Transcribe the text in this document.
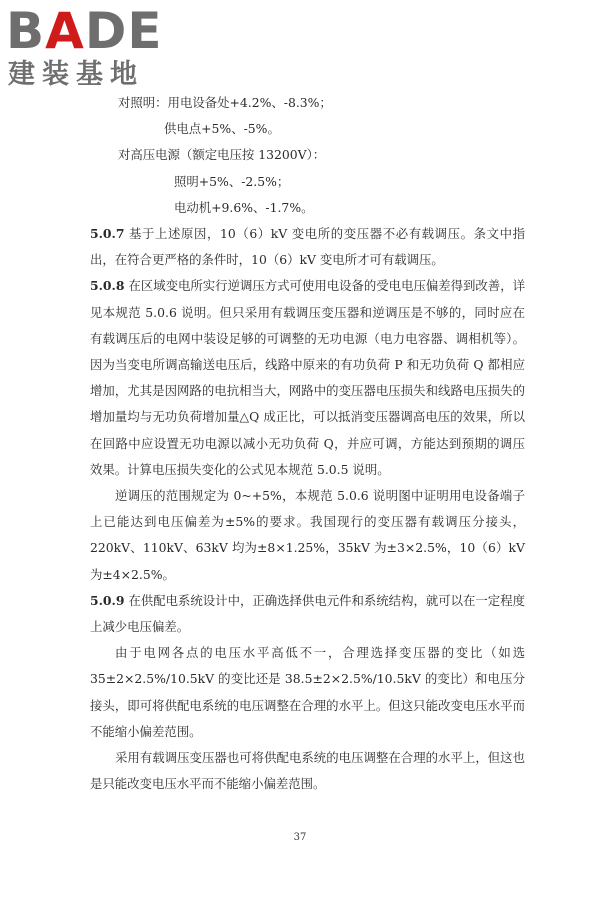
BADE
建装基地

对照明：用电设备处+4.2%、-8.3%；

供电点+5%、-5%。

对高压电源（额定电压按 13200V）：

照明+5%、-2.5%；

电动机+9.6%、-1.7%。

5.0.7 基于上述原因，10（6）kV 变电所的变压器不必有载调压。条文中指出，在符合更严格的条件时，10（6）kV 变电所才可有载调压。

5.0.8 在区域变电所实行逆调压方式可使用电设备的受电电压偏差得到改善，详见本规范 5.0.6 说明。但只采用有载调压变压器和逆调压是不够的，同时应在有载调压后的电网中装设足够的可调整的无功电源（电力电容器、调相机等）。因为当变电所调高输送电压后，线路中原来的有功负荷 P 和无功负荷 Q 都相应增加，尤其是因网路的电抗相当大，网路中的变压器电压损失和线路电压损失的增加量均与无功负荷增加量△Q 成正比，可以抵消变压器调高电压的效果，所以在回路中应设置无功电源以减小无功负荷 Q，并应可调，方能达到预期的调压效果。计算电压损失变化的公式见本规范 5.0.5 说明。

逆调压的范围规定为 0~+5%，本规范 5.0.6 说明图中证明用电设备端子上已能达到电压偏差为±5%的要求。我国现行的变压器有载调压分接头，220kV、110kV、63kV 均为±8×1.25%，35kV 为±3×2.5%，10（6）kV 为±4×2.5%。

5.0.9 在供配电系统设计中，正确选择供电元件和系统结构，就可以在一定程度上减少电压偏差。

由于电网各点的电压水平高低不一，合理选择变压器的变比（如选 35±2×2.5%/10.5kV 的变比还是 38.5±2×2.5%/10.5kV 的变比）和电压分接头，即可将供配电系统的电压调整在合理的水平上。但这只能改变电压水平而不能缩小偏差范围。

采用有载调压变压器也可将供配电系统的电压调整在合理的水平上，但这也是只能改变电压水平而不能缩小偏差范围。

37
